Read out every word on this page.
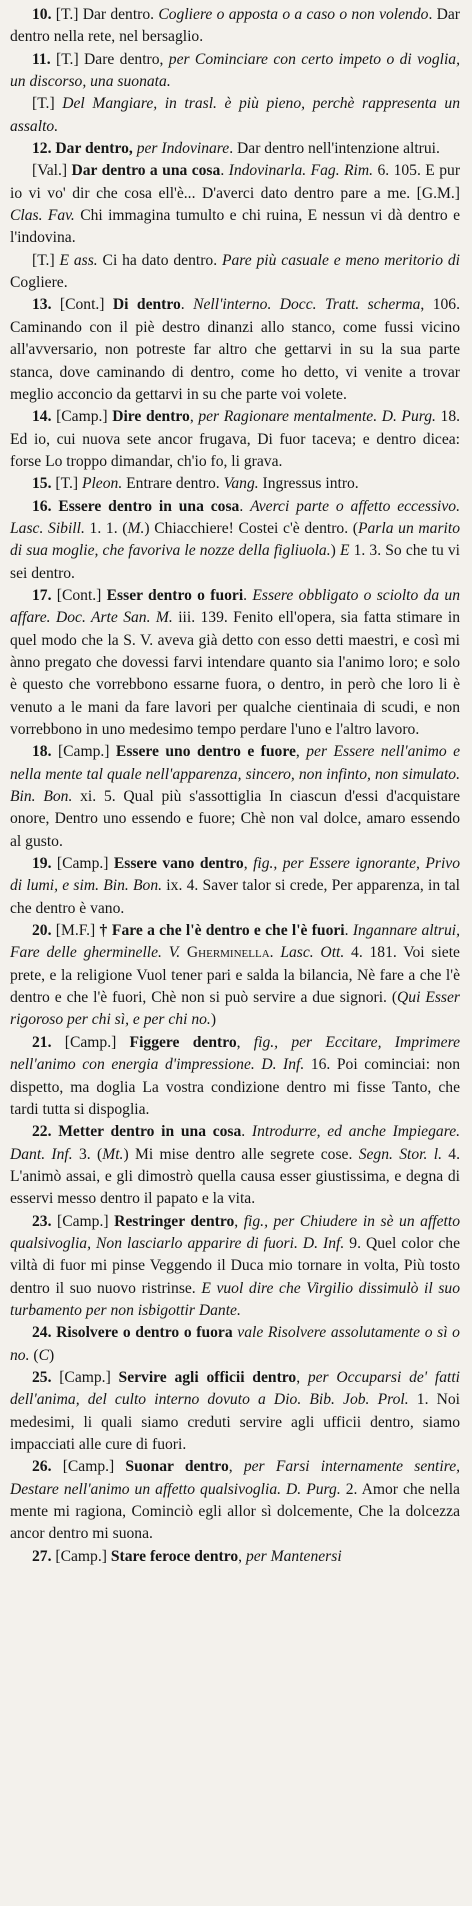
10. [T.] Dar dentro. Cogliere o apposta o a caso o non volendo. Dar dentro nella rete, nel bersaglio.

11. [T.] Dare dentro, per Cominciare con certo impeto o di voglia, un discorso, una suonata.

[T.] Del Mangiare, in trasl. è più pieno, perchè rappresenta un assalto.

12. Dar dentro, per Indovinare. Dar dentro nell'intenzione altrui.

[Val.] Dar dentro a una cosa. Indovinarla. Fag. Rim. 6. 105. E pur io vi vo' dir che cosa ell'è... D'averci dato dentro pare a me. [G.M.] Clas. Fav. Chi immagina tumulto e chi ruina, E nessun vi dà dentro e l'indovina.

[T.] E ass. Ci ha dato dentro. Pare più casuale e meno meritorio di Cogliere.

13. [Cont.] Di dentro. Nell'interno. Docc. Tratt. scherma, 106. Caminando con il piè destro dinanzi allo stanco, come fussi vicino all'avversario, non potreste far altro che gettarvi in su la sua parte stanca, dove caminando di dentro, come ho detto, vi venite a trovar meglio acconcio da gettarvi in su che parte voi volete.

14. [Camp.] Dire dentro, per Ragionare mentalmente. D. Purg. 18. Ed io, cui nuova sete ancor frugava, Di fuor taceva; e dentro dicea: forse Lo troppo dimandar, ch'io fo, li grava.

15. [T.] Pleon. Entrare dentro. Vang. Ingressus intro.

16. Essere dentro in una cosa. Averci parte o affetto eccessivo. Lasc. Sibill. 1. 1. (M.) Chiacchiere! Costei c'è dentro. (Parla un marito di sua moglie, che favoriva le nozze della figliuola.) E 1. 3. So che tu vi sei dentro.

17. [Cont.] Esser dentro o fuori. Essere obbligato o sciolto da un affare. Doc. Arte San. M. iii. 139. Fenito ell'opera, sia fatta stimare in quel modo che la S. V. aveva già detto con esso detti maestri, e così mi ànno pregato che dovessi farvi intendare quanto sia l'animo loro; e solo è questo che vorrebbono essarne fuora, o dentro, in però che loro li è venuto a le mani da fare lavori per qualche cientinaia di scudi, e non vorrebbono in uno medesimo tempo perdare l'uno e l'altro lavoro.

18. [Camp.] Essere uno dentro e fuore, per Essere nell'animo e nella mente tal quale nell'apparenza, sincero, non infinto, non simulato. Bin. Bon. xi. 5. Qual più s'assottiglia In ciascun d'essi d'acquistare onore, Dentro uno essendo e fuore; Chè non val dolce, amaro essendo al gusto.

19. [Camp.] Essere vano dentro, fig., per Essere ignorante, Privo di lumi, e sim. Bin. Bon. ix. 4. Saver talor si crede, Per apparenza, in tal che dentro è vano.

20. [M.F.] † Fare a che l'è dentro e che l'è fuori. Ingannare altrui, Fare delle gherminelle. V. Gherminella. Lasc. Ott. 4. 181. Voi siete prete, e la religione Vuol tener pari e salda la bilancia, Nè fare a che l'è dentro e che l'è fuori, Chè non si può servire a due signori. (Qui Esser rigoroso per chi sì, e per chi no.)

21. [Camp.] Figgere dentro, fig., per Eccitare, Imprimere nell'animo con energia d'impressione. D. Inf. 16. Poi cominciai: non dispetto, ma doglia La vostra condizione dentro mi fisse Tanto, che tardi tutta si dispoglia.

22. Metter dentro in una cosa. Introdurre, ed anche Impiegare. Dant. Inf. 3. (Mt.) Mi mise dentro alle segrete cose. Segn. Stor. l. 4. L'animò assai, e gli dimostrò quella causa esser giustissima, e degna di esservi messo dentro il papato e la vita.

23. [Camp.] Restringer dentro, fig., per Chiudere in sè un affetto qualsivoglia, Non lasciarlo apparire di fuori. D. Inf. 9. Quel color che viltà di fuor mi pinse Veggendo il Duca mio tornare in volta, Più tosto dentro il suo nuovo ristrinse. E vuol dire che Virgilio dissimulò il suo turbamento per non isbigottir Dante.

24. Risolvere o dentro o fuora vale Risolvere assolutamente o sì o no. (C)

25. [Camp.] Servire agli officii dentro, per Occuparsi de' fatti dell'anima, del culto interno dovuto a Dio. Bib. Job. Prol. 1. Noi medesimi, li quali siamo creduti servire agli ufficii dentro, siamo impacciati alle cure di fuori.

26. [Camp.] Suonar dentro, per Farsi internamente sentire, Destare nell'animo un affetto qualsivoglia. D. Purg. 2. Amor che nella mente mi ragiona, Cominciò egli allor sì dolcemente, Che la dolcezza ancor dentro mi suona.

27. [Camp.] Stare feroce dentro, per Mantenersi
